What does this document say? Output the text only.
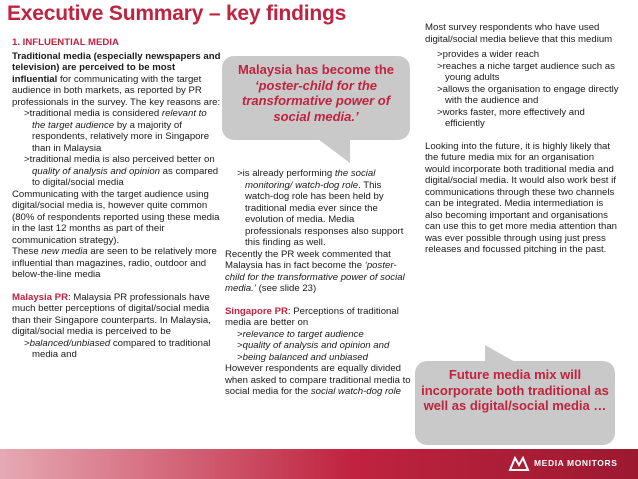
Executive Summary – key findings

1. INFLUENTIAL MEDIA

Traditional media (especially newspapers and television) are perceived to be most influential for communicating with the target audience in both markets, as reported by PR professionals in the survey. The key reasons are:

>traditional media is considered relevant to the target audience by a majority of respondents, relatively more in Singapore than in Malaysia

>traditional media is also perceived better on quality of analysis and opinion as compared to digital/social media

Communicating with the target audience using digital/social media is, however quite common (80% of respondents reported using these media in the last 12 months as part of their communication strategy).

These new media are seen to be relatively more influential than magazines, radio, outdoor and below-the-line media

Malaysia PR: Malaysia PR professionals have much better perceptions of digital/social media than their Singapore counterparts. In Malaysia, digital/social media is perceived to be

>balanced/unbiased compared to traditional media and

Malaysia has become the
‘poster-child for the transformative power of social media.’

>is already performing the social monitoring/ watch-dog role. This watch-dog role has been held by traditional media ever since the evolution of media. Media professionals responses also support this finding as well.

Recently the PR week commented that Malaysia has in fact become the ‘poster-child for the transformative power of social media.’ (see slide 23)

Singapore PR: Perceptions of traditional media are better on

>relevance to target audience

>quality of analysis and opinion and

>being balanced and unbiased

However respondents are equally divided when asked to compare traditional media to social media for the social watch-dog role

Most survey respondents who have used digital/social media believe that this medium

>provides a wider reach

>reaches a niche target audience such as young adults

>allows the organisation to engage directly with the audience and

>works faster, more effectively and efficiently

Looking into the future, it is highly likely that the future media mix for an organisation would incorporate both traditional media and digital/social media. It would also work best if communications through these two channels can be integrated. Media intermediation is also becoming important and organisations can use this to get more media attention than was ever possible through using just press releases and focussed pitching in the past.

Future media mix will incorporate both traditional as well as digital/social media …
MEDIA MONITORS
